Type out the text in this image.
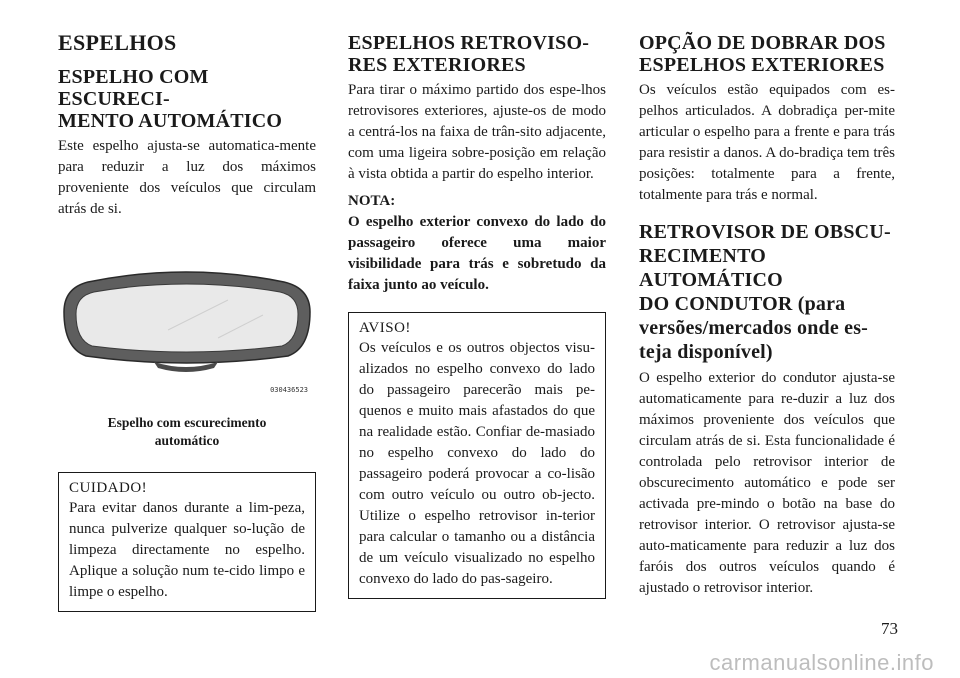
ESPELHOS
ESPELHO COM ESCURECI-
MENTO AUTOMÁTICO

Este espelho ajusta-se automatica-mente para reduzir a luz dos máximos proveniente dos veículos que circulam atrás de si.

030436523
Espelho com escurecimento
automático
CUIDADO!

Para evitar danos durante a lim-peza, nunca pulverize qualquer so-lução de limpeza directamente no espelho. Aplique a solução num te-cido limpo e limpe o espelho.

ESPELHOS RETROVISO-
RES EXTERIORES

Para tirar o máximo partido dos espe-lhos retrovisores exteriores, ajuste-os de modo a centrá-los na faixa de trân-sito adjacente, com uma ligeira sobre-posição em relação à vista obtida a partir do espelho interior.

NOTA:

O espelho exterior convexo do lado do passageiro oferece uma maior visibilidade para trás e sobretudo da faixa junto ao veículo.

AVISO!

Os veículos e os outros objectos visu-alizados no espelho convexo do lado do passageiro parecerão mais pe-quenos e muito mais afastados do que na realidade estão. Confiar de-masiado no espelho convexo do lado do passageiro poderá provocar a co-lisão com outro veículo ou outro ob-jecto. Utilize o espelho retrovisor in-terior para calcular o tamanho ou a distância de um veículo visualizado no espelho convexo do lado do pas-sageiro.

OPÇÃO DE DOBRAR DOS
ESPELHOS EXTERIORES

Os veículos estão equipados com es-pelhos articulados. A dobradiça per-mite articular o espelho para a frente e para trás para resistir a danos. A do-bradiça tem três posições: totalmente para a frente, totalmente para trás e normal.

RETROVISOR DE OBSCU-
RECIMENTO AUTOMÁTICO
DO CONDUTOR (para
versões/mercados onde es-
teja disponível)

O espelho exterior do condutor ajusta-se automaticamente para re-duzir a luz dos máximos proveniente dos veículos que circulam atrás de si. Esta funcionalidade é controlada pelo retrovisor interior de obscurecimento automático e pode ser activada pre-mindo o botão na base do retrovisor interior. O retrovisor ajusta-se auto-maticamente para reduzir a luz dos faróis dos outros veículos quando é ajustado o retrovisor interior.

73
carmanualsonline.info
